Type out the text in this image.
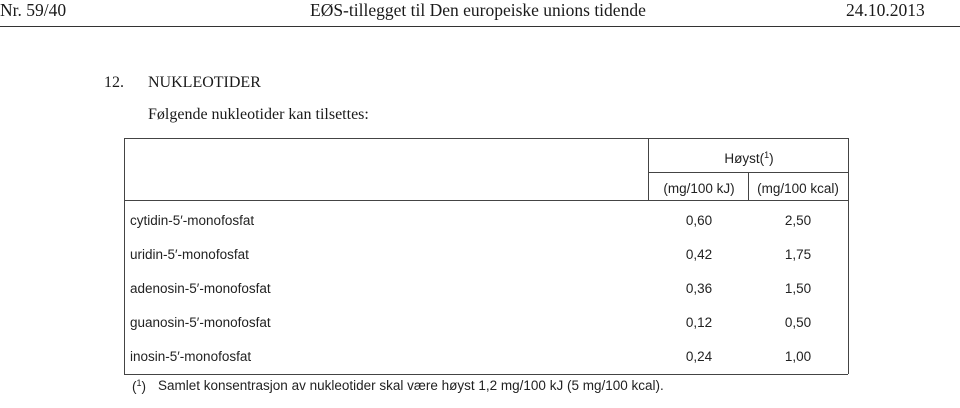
Nr. 59/40	EØS-tillegget til Den europeiske unions tidende	24.10.2013
12. NUKLEOTIDER
Følgende nukleotider kan tilsettes:
Høyst($^1$)
(mg/100 kJ)	(mg/100 kcal)
cytidin-5′-monofosfat	0,60	2,50
uridin-5′-monofosfat	0,42	1,75
adenosin-5′-monofosfat	0,36	1,50
guanosin-5′-monofosfat	0,12	0,50
inosin-5′-monofosfat	0,24	1,00
($^1$) Samlet konsentrasjon av nukleotider skal være høyst 1,2 mg/100 kJ (5 mg/100 kcal).
